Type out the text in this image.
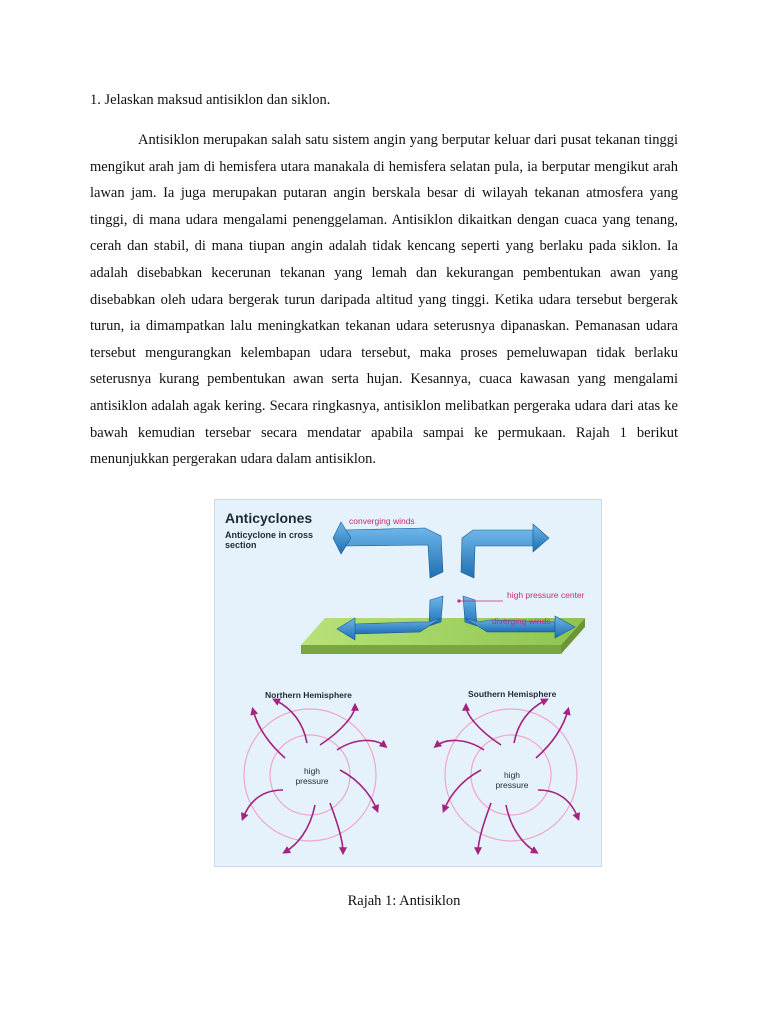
1. Jelaskan maksud antisiklon dan siklon.

Antisiklon merupakan salah satu sistem angin yang berputar keluar dari pusat tekanan tinggi mengikut arah jam di hemisfera utara manakala di hemisfera selatan pula, ia berputar mengikut arah lawan jam. Ia juga merupakan putaran angin berskala besar di wilayah tekanan atmosfera yang tinggi, di mana udara mengalami penenggelaman. Antisiklon dikaitkan dengan cuaca yang tenang, cerah dan stabil, di mana tiupan angin adalah tidak kencang seperti yang berlaku pada siklon. Ia adalah disebabkan kecerunan tekanan yang lemah dan kekurangan pembentukan awan yang disebabkan oleh udara bergerak turun daripada altitud yang tinggi. Ketika udara tersebut bergerak turun, ia dimampatkan lalu meningkatkan tekanan udara seterusnya dipanaskan. Pemanasan udara tersebut mengurangkan kelembapan udara tersebut, maka proses pemeluwapan tidak berlaku seterusnya kurang pembentukan awan serta hujan. Kesannya, cuaca kawasan yang mengalami antisiklon adalah agak kering. Secara ringkasnya, antisiklon melibatkan pergeraka udara dari atas ke bawah kemudian tersebar secara mendatar apabila sampai ke permukaan. Rajah 1 berikut menunjukkan pergerakan udara dalam antisiklon.

Anticyclones
Anticyclone in cross section
converging winds
high pressure center
diverging winds
Northern Hemisphere	Southern Hemisphere
high pressure
high pressure
Rajah 1: Antisiklon
